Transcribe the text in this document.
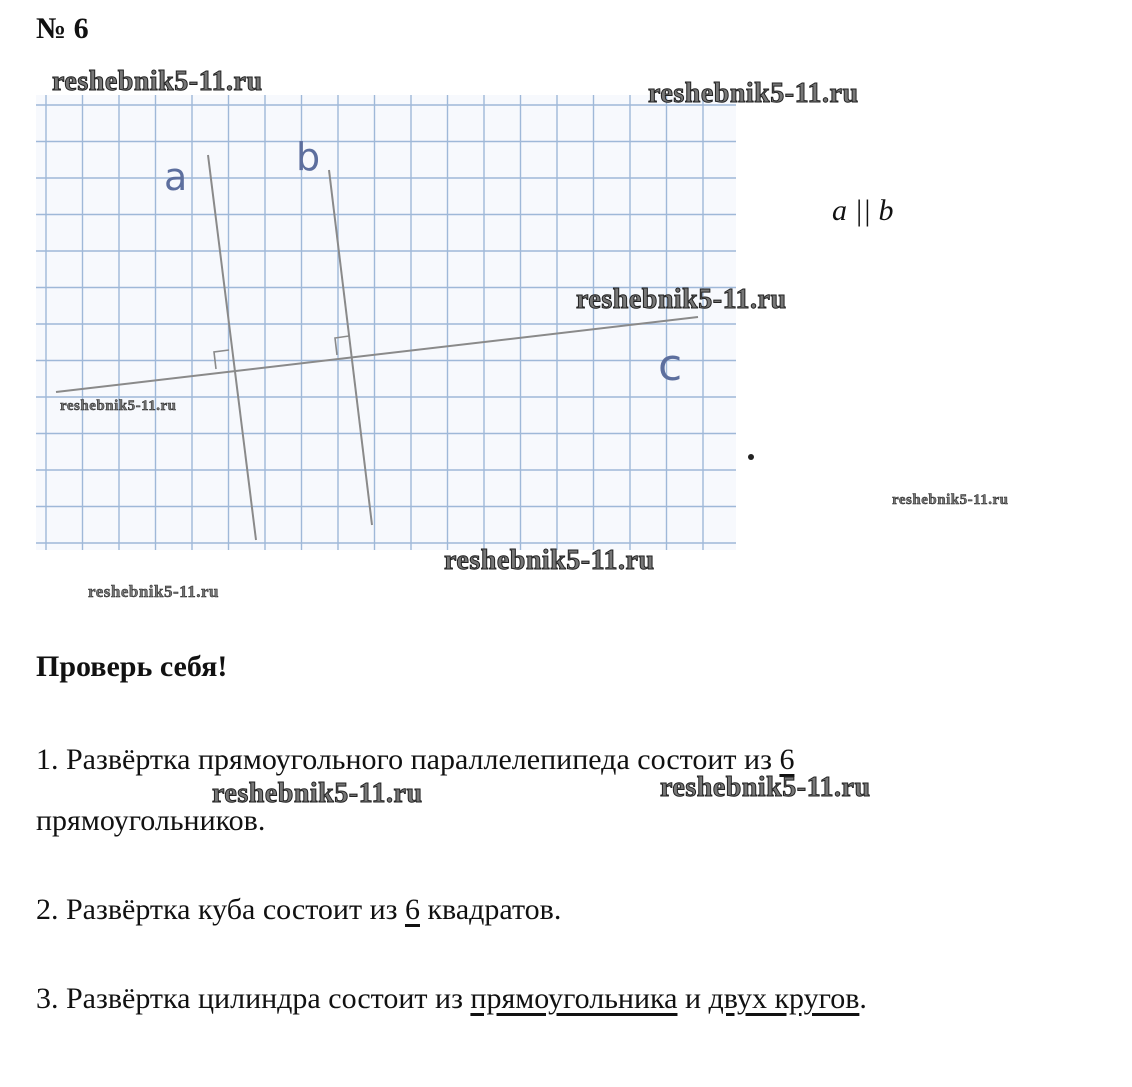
№ 6
a	b
c
a || b
reshebnik5-11.ru	reshebnik5-11.ru
reshebnik5-11.ru
reshebnik5-11.ru
reshebnik5-11.ru
reshebnik5-11.ru
reshebnik5-11.ru
Проверь себя!
1. Развёртка прямоугольного параллелепипеда состоит из 6
прямоугольников.
reshebnik5-11.ru	reshebnik5-11.ru
2. Развёртка куба состоит из 6 квадратов.
3. Развёртка цилиндра состоит из прямоугольника и двух кругов.
